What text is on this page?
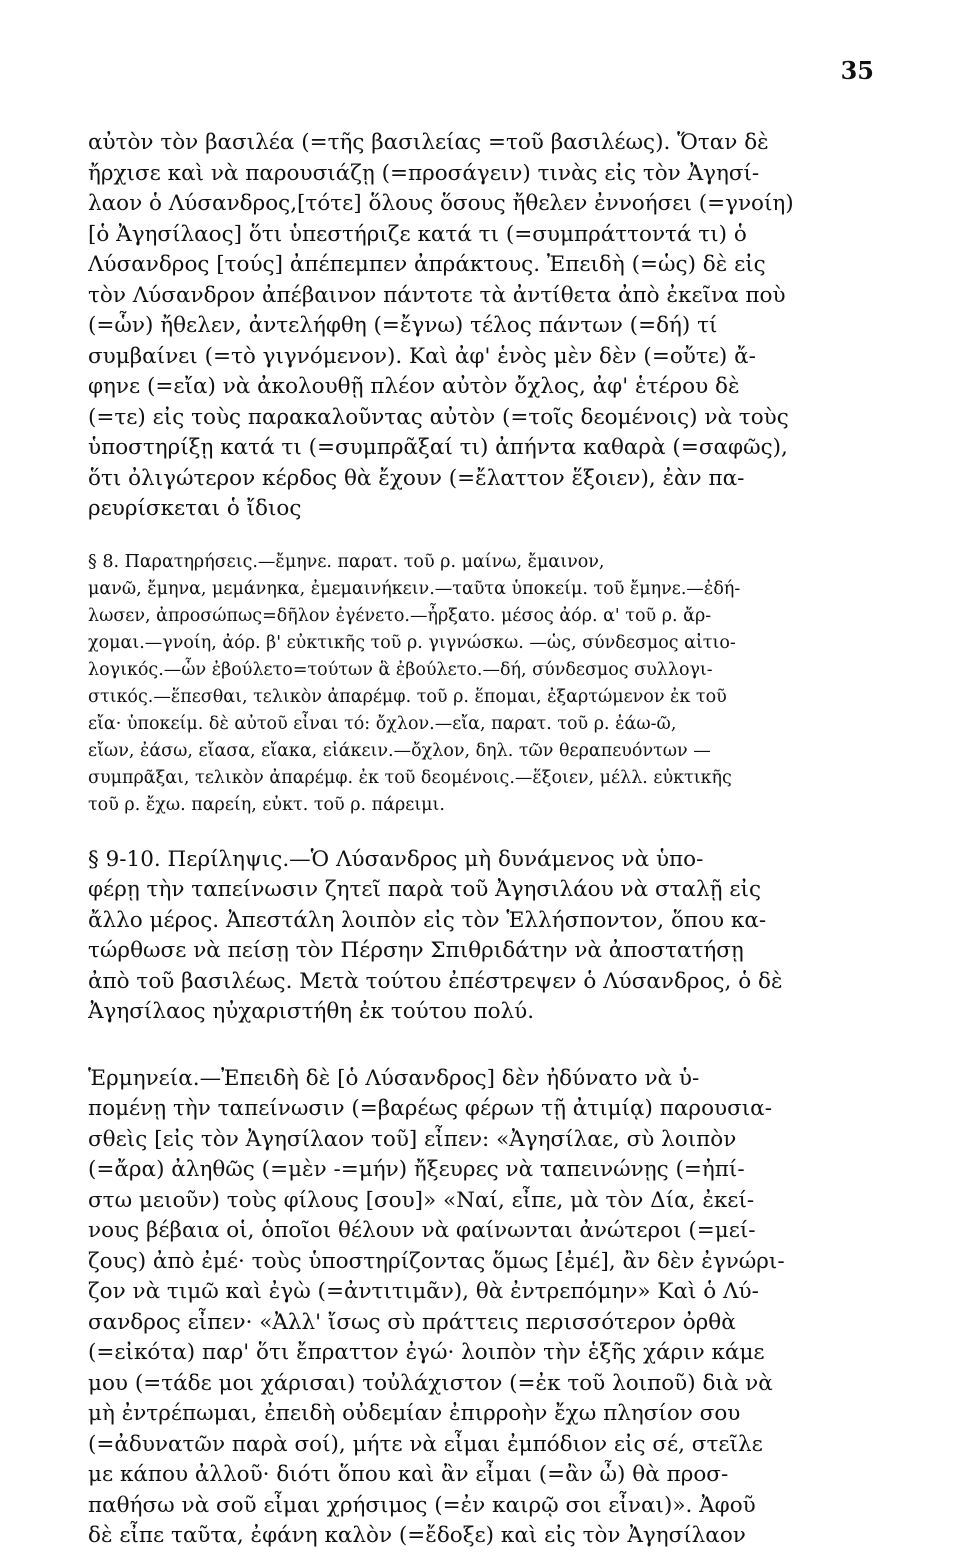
35
αὐτὸν τὸν βασιλέα (=τῆς βασιλείας =τοῦ βασιλέως). Ὅταν δὲ
ἤρχισε καὶ νὰ παρουσιάζῃ (=προσάγειν) τινὰς εἰς τὸν Ἀγησί-
λαον ὁ Λύσανδρος,[τότε] ὅλους ὅσους ἤθελεν ἐννοήσει (=γνοίη)
[ὁ Ἀγησίλαος] ὅτι ὑπεστήριζε κατά τι (=συμπράττοντά τι) ὁ
Λύσανδρος [τούς] ἀπέπεμπεν ἀπράκτους. Ἐπειδὴ (=ὡς) δὲ εἰς
τὸν Λύσανδρον ἀπέβαινον πάντοτε τὰ ἀντίθετα ἀπὸ ἐκεῖνα ποὺ
(=ὧν) ἤθελεν, ἀντελήφθη (=ἔγνω) τέλος πάντων (=δή) τί
συμβαίνει (=τὸ γιγνόμενον). Καὶ ἀφ' ἑνὸς μὲν δὲν (=οὔτε) ἄ-
φηνε (=εἴα) νὰ ἀκολουθῇ πλέον αὐτὸν ὄχλος, ἀφ' ἑτέρου δὲ
(=τε) εἰς τοὺς παρακαλοῦντας αὐτὸν (=τοῖς δεομένοις) νὰ τοὺς
ὑποστηρίξῃ κατά τι (=συμπρᾶξαί τι) ἀπήντα καθαρὰ (=σαφῶς),
ὅτι ὀλιγώτερον κέρδος θὰ ἔχουν (=ἔλαττον ἕξοιεν), ἐὰν πα-
ρευρίσκεται ὁ ἴδιος
§ 8. Παρατηρήσεις.—ἔμηνε. παρατ. τοῦ ρ. μαίνω, ἔμαινον,
μανῶ, ἔμηνα, μεμάνηκα, ἐμεμαινήκειν.—ταῦτα ὑποκείμ. τοῦ ἔμηνε.—ἐδή-
λωσεν, ἀπροσώπως=δῆλον ἐγένετο.—ἦρξατο. μέσος ἀόρ. α' τοῦ ρ. ἄρ-
χομαι.—γνοίη, ἀόρ. β' εὐκτικῆς τοῦ ρ. γιγνώσκω. —ὡς, σύνδεσμος αἰτιο-
λογικός.—ὧν ἐβούλετο=τούτων ἃ ἐβούλετο.—δή, σύνδεσμος συλλογι-
στικός.—ἕπεσθαι, τελικὸν ἀπαρέμφ. τοῦ ρ. ἕπομαι, ἐξαρτώμενον ἐκ τοῦ
εἴα· ὑποκείμ. δὲ αὐτοῦ εἶναι τό: ὄχλον.—εἴα, παρατ. τοῦ ρ. ἐάω-ῶ,
εἴων, ἐάσω, εἴασα, εἴακα, εἰάκειν.—ὄχλον, δηλ. τῶν θεραπευόντων —
συμπρᾶξαι, τελικὸν ἀπαρέμφ. ἐκ τοῦ δεομένοις.—ἕξοιεν, μέλλ. εὐκτικῆς
τοῦ ρ. ἔχω. παρείη, εὐκτ. τοῦ ρ. πάρειμι.
§ 9-10. Περίληψις.—Ὁ Λύσανδρος μὴ δυνάμενος νὰ ὑπο-
φέρῃ τὴν ταπείνωσιν ζητεῖ παρὰ τοῦ Ἀγησιλάου νὰ σταλῇ εἰς
ἄλλο μέρος. Ἀπεστάλη λοιπὸν εἰς τὸν Ἑλλήσποντον, ὅπου κα-
τώρθωσε νὰ πείσῃ τὸν Πέρσην Σπιθριδάτην νὰ ἀποστατήσῃ
ἀπὸ τοῦ βασιλέως. Μετὰ τούτου ἐπέστρεψεν ὁ Λύσανδρος, ὁ δὲ
Ἀγησίλαος ηὐχαριστήθη ἐκ τούτου πολύ.
Ἑρμηνεία.—Ἐπειδὴ δὲ [ὁ Λύσανδρος] δὲν ἠδύνατο νὰ ὑ-
πομένῃ τὴν ταπείνωσιν (=βαρέως φέρων τῇ ἀτιμίᾳ) παρουσια-
σθεὶς [εἰς τὸν Ἀγησίλαον τοῦ] εἶπεν: «Ἀγησίλαε, σὺ λοιπὸν
(=ἄρα) ἀληθῶς (=μὲν -=μήν) ἤξευρες νὰ ταπεινώνῃς (=ἠπί-
στω μειοῦν) τοὺς φίλους [σου]» «Ναί, εἶπε, μὰ τὸν Δία, ἐκεί-
νους βέβαια οἱ, ὁποῖοι θέλουν νὰ φαίνωνται ἀνώτεροι (=μεί-
ζους) ἀπὸ ἐμέ· τοὺς ὑποστηρίζοντας ὅμως [ἐμέ], ἂν δὲν ἐγνώρι-
ζον νὰ τιμῶ καὶ ἐγὼ (=ἀντιτιμᾶν), θὰ ἐντρεπόμην» Καὶ ὁ Λύ-
σανδρος εἶπεν· «Ἀλλ' ἴσως σὺ πράττεις περισσότερον ὀρθὰ
(=εἰκότα) παρ' ὅτι ἔπραττον ἐγώ· λοιπὸν τὴν ἑξῆς χάριν κάμε
μου (=τάδε μοι χάρισαι) τοὐλάχιστον (=ἐκ τοῦ λοιποῦ) διὰ νὰ
μὴ ἐντρέπωμαι, ἐπειδὴ οὐδεμίαν ἐπιρροὴν ἔχω πλησίον σου
(=ἀδυνατῶν παρὰ σοί), μήτε νὰ εἶμαι ἐμπόδιον εἰς σέ, στεῖλε
με κάπου ἀλλοῦ· διότι ὅπου καὶ ἂν εἶμαι (=ἂν ὦ) θὰ προσ-
παθήσω νὰ σοῦ εἶμαι χρήσιμος (=ἐν καιρῷ σοι εἶναι)». Ἀφοῦ
δὲ εἶπε ταῦτα, ἐφάνη καλὸν (=ἔδοξε) καὶ εἰς τὸν Ἀγησίλαον
